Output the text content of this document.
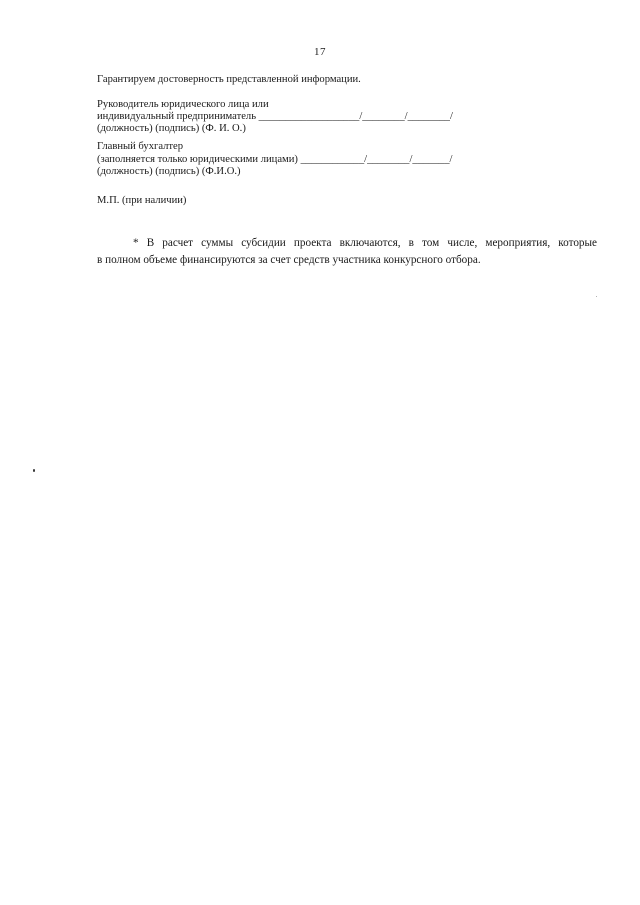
17
Гарантируем достоверность представленной информации.
Руководитель юридического лица или
индивидуальный предприниматель ___________________/________/________/
(должность) (подпись) (Ф. И. О.)
Главный бухгалтер
(заполняется только юридическими лицами) ____________/________/_______/
(должность) (подпись) (Ф.И.О.)
М.П. (при наличии)
* В расчет суммы субсидии проекта включаются, в том числе, мероприятия, которые
в полном объеме финансируются за счет средств участника конкурсного отбора.
